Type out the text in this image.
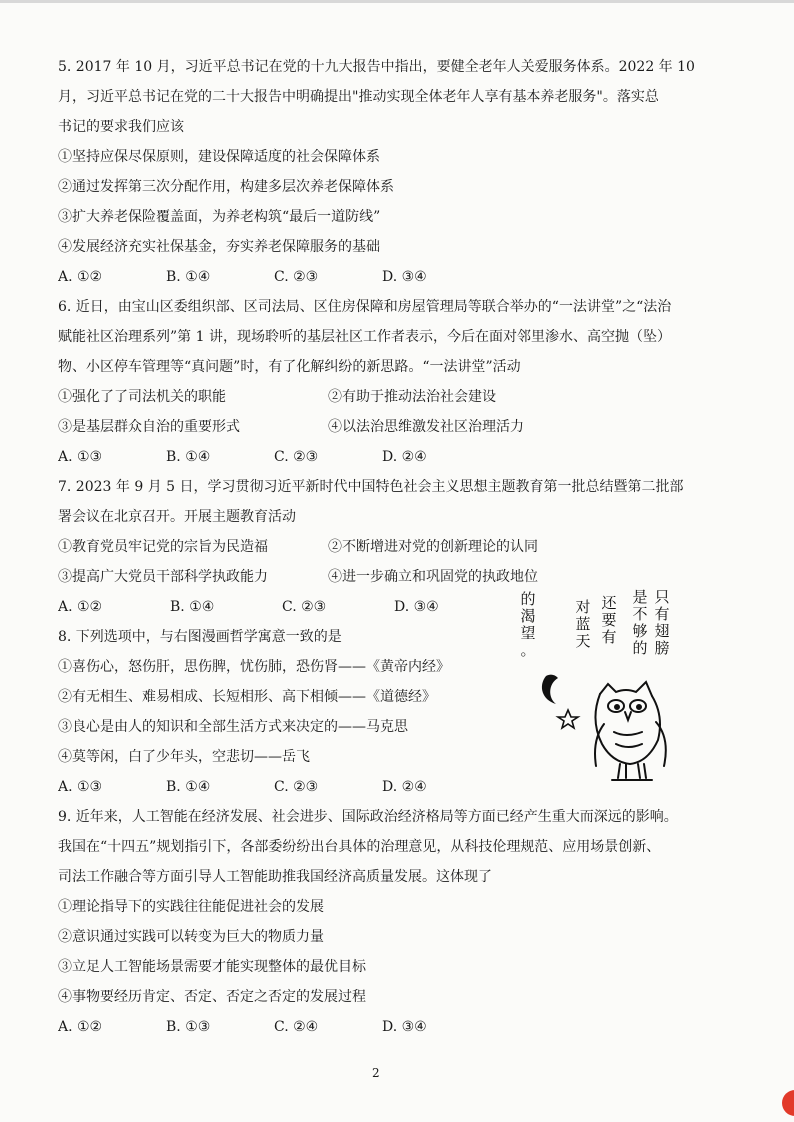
5. 2017 年 10 月，习近平总书记在党的十九大报告中指出，要健全老年人关爱服务体系。2022 年 10
月，习近平总书记在党的二十大报告中明确提出"推动实现全体老年人享有基本养老服务"。落实总
书记的要求我们应该
①坚持应保尽保原则，建设保障适度的社会保障体系
②通过发挥第三次分配作用，构建多层次养老保障体系
③扩大养老保险覆盖面，为养老构筑“最后一道防线”
④发展经济充实社保基金，夯实养老保障服务的基础
A. ①②	B. ①④	C. ②③	D. ③④
6. 近日，由宝山区委组织部、区司法局、区住房保障和房屋管理局等联合举办的“一法讲堂”之“法治
赋能社区治理系列”第 1 讲，现场聆听的基层社区工作者表示，今后在面对邻里渗水、高空抛（坠）
物、小区停车管理等“真问题”时，有了化解纠纷的新思路。“一法讲堂”活动
①强化了了司法机关的职能	②有助于推动法治社会建设
③是基层群众自治的重要形式	④以法治思维激发社区治理活力
A. ①③	B. ①④	C. ②③	D. ②④
7. 2023 年 9 月 5 日，学习贯彻习近平新时代中国特色社会主义思想主题教育第一批总结暨第二批部
署会议在北京召开。开展主题教育活动
①教育党员牢记党的宗旨为民造福	②不断增进对党的创新理论的认同
③提高广大党员干部科学执政能力	④进一步确立和巩固党的执政地位
A. ①②	B. ①④	C. ②③	D. ③④
8. 下列选项中，与右图漫画哲学寓意一致的是
①喜伤心，怒伤肝，思伤脾，忧伤肺，恐伤肾——《黄帝内经》
②有无相生、难易相成、长短相形、高下相倾——《道德经》
③良心是由人的知识和全部生活方式来决定的——马克思
④莫等闲，白了少年头，空悲切——岳飞
A. ①③	B. ①④	C. ②③	D. ②④
9. 近年来，人工智能在经济发展、社会进步、国际政治经济格局等方面已经产生重大而深远的影响。
我国在“十四五”规划指引下，各部委纷纷出台具体的治理意见，从科技伦理规范、应用场景创新、
司法工作融合等方面引导人工智能助推我国经济高质量发展。这体现了
①理论指导下的实践往往能促进社会的发展
②意识通过实践可以转变为巨大的物质力量
③立足人工智能场景需要才能实现整体的最优目标
④事物要经历肯定、否定、否定之否定的发展过程
A. ①②	B. ①③	C. ②④	D. ③④
只有翅膀
是不够的
还要有
对蓝天
的渴望。
2
